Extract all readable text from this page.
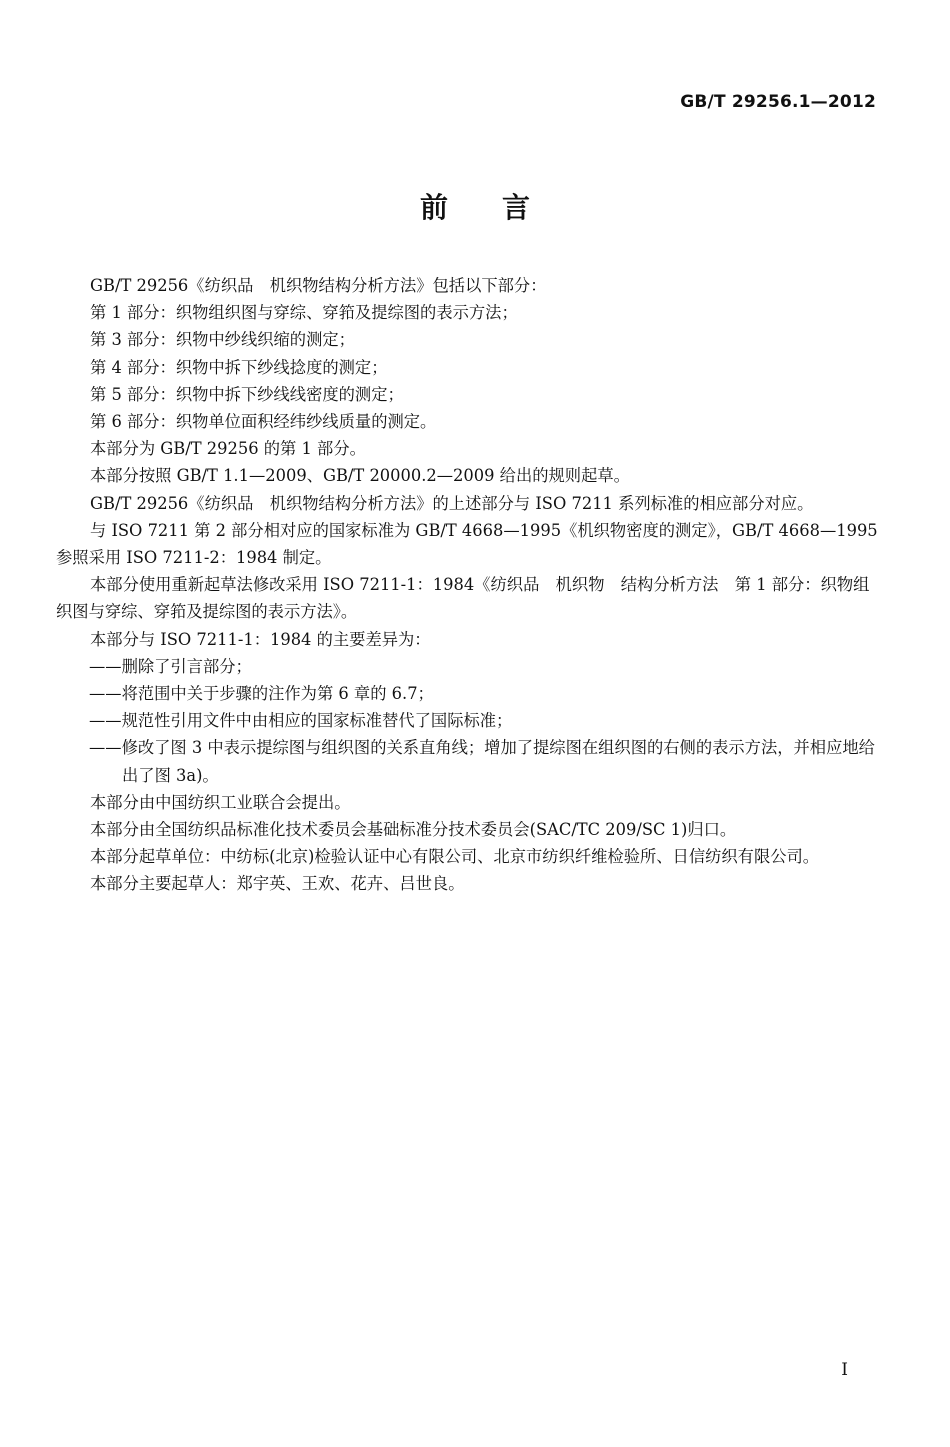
GB/T 29256.1—2012
前言

GB/T 29256《纺织品　机织物结构分析方法》包括以下部分：

第 1 部分：织物组织图与穿综、穿筘及提综图的表示方法；

第 3 部分：织物中纱线织缩的测定；

第 4 部分：织物中拆下纱线捻度的测定；

第 5 部分：织物中拆下纱线线密度的测定；

第 6 部分：织物单位面积经纬纱线质量的测定。

本部分为 GB/T 29256 的第 1 部分。

本部分按照 GB/T 1.1—2009、GB/T 20000.2—2009 给出的规则起草。

GB/T 29256《纺织品　机织物结构分析方法》的上述部分与 ISO 7211 系列标准的相应部分对应。

与 ISO 7211 第 2 部分相对应的国家标准为 GB/T 4668—1995《机织物密度的测定》，GB/T 4668—1995 参照采用 ISO 7211-2：1984 制定。

本部分使用重新起草法修改采用 ISO 7211-1：1984《纺织品　机织物　结构分析方法　第 1 部分：织物组织图与穿综、穿筘及提综图的表示方法》。

本部分与 ISO 7211-1：1984 的主要差异为：

——删除了引言部分；

——将范围中关于步骤的注作为第 6 章的 6.7；

——规范性引用文件中由相应的国家标准替代了国际标准；

——修改了图 3 中表示提综图与组织图的关系直角线；增加了提综图在组织图的右侧的表示方法，并相应地给出了图 3a)。

本部分由中国纺织工业联合会提出。

本部分由全国纺织品标准化技术委员会基础标准分技术委员会(SAC/TC 209/SC 1)归口。

本部分起草单位：中纺标(北京)检验认证中心有限公司、北京市纺织纤维检验所、日信纺织有限公司。

本部分主要起草人：郑宇英、王欢、花卉、吕世良。

I
